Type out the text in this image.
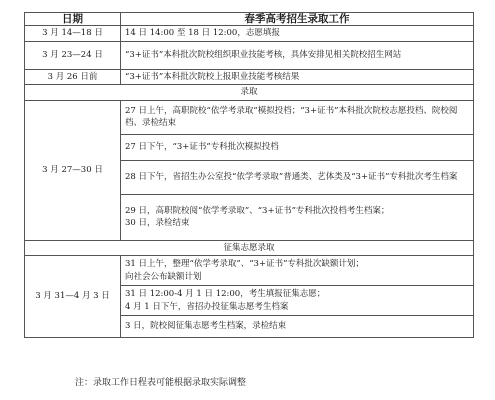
日期	春季高考招生录取工作
3 月 14—18 日	14 日 14:00 至 18 日 12:00，志愿填报
3 月 23—24 日	“3+证书”本科批次院校组织职业技能考核，具体安排见相关院校招生网站
3 月 26 日前	“3+证书”本科批次院校上报职业技能考核结果
录取	
3 月 27—30 日	27 日上午，高职院校“依学考录取”模拟投档；“3+证书”本科批次院校志愿投档、院校阅档、录检结束
	27 日下午，“3+证书”专科批次模拟投档
	28 日下午，省招生办公室投“依学考录取”普通类、艺体类及“3+证书”专科批次考生档案

	29 日，高职院校阅“依学考录取”、“3+证书”专科批次投档考生档案；
30 日，录检结束

征集志愿录取	
3 月 31—4 月 3 日	31 日上午，整理“依学考录取”、“3+证书”专科批次缺额计划；
向社会公布缺额计划

	31 日 12:00-4 月 1 日 12:00，考生填报征集志愿；
4 月 1 日下午，省招办投征集志愿考生档案

	3 日，院校阅征集志愿考生档案，录检结束
注：录取工作日程表可能根据录取实际调整
